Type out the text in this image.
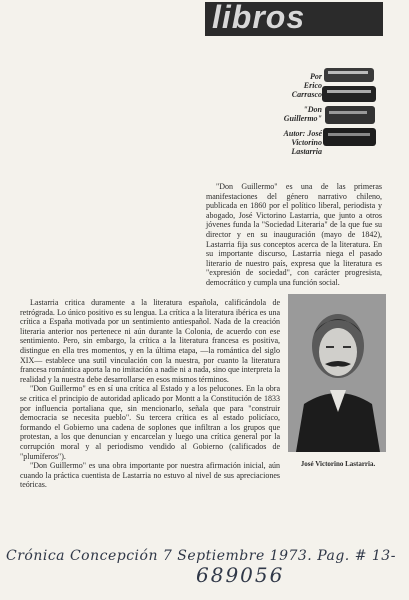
libros
Por
Erico
Carrasco
"Don
Guillermo"
Autor: José
Victorino
Lastarria

"Don Guillermo" es una de las primeras manifestaciones del género narrativo chileno, publicada en 1860 por el político liberal, periodista y abogado, José Victorino Lastarria, que junto a otros jóvenes funda la "Sociedad Literaria" de la que fue su director y en su inauguración (mayo de 1842), Lastarria fija sus conceptos acerca de la literatura. En su importante discurso, Lastarria niega el pasado literario de nuestro país, expresa que la literatura es "expresión de sociedad", con carácter progresista, democrático y cumpla una función social.

Lastarria critica duramente a la literatura española, calificándola de retrógrada. Lo único positivo es su lengua. La crítica a la literatura ibérica es una crítica a España motivada por un sentimiento antiespañol. Nada de la creación literaria anterior nos pertenece ni aún durante la Colonia, de acuerdo con ese sentimiento. Pero, sin embargo, la crítica a la literatura francesa es positiva, distingue en ella tres momentos, y en la última etapa, —la romántica del siglo XIX— establece una sutil vinculación con la nuestra, por cuanto la literatura francesa romántica aporta la no imitación a nadie ni a nada, sino que interpreta la realidad y la nuestra debe desarrollarse en esos mismos términos.

"Don Guillermo" es en sí una crítica al Estado y a los pelucones. En la obra se critica el principio de autoridad aplicado por Montt a la Constitución de 1833 por influencia portaliana que, sin mencionarlo, señala que para "construir democracia se necesita pueblo". Su tercera crítica es al estado policíaco, formando el Gobierno una cadena de soplones que infiltran a los grupos que protestan, a los que denuncian y encarcelan y luego una crítica general por la corrupción moral y al periodismo vendido al Gobierno (calificados de "plumíferos").

"Don Guillermo" es una obra importante por nuestra afirmación inicial, aún cuando la práctica cuentista de Lastarria no estuvo al nivel de sus apreciaciones teóricas.

José Victorino Lastarria.
Crónica Concepción 7 Septiembre 1973. Pag. # 13-
689056
